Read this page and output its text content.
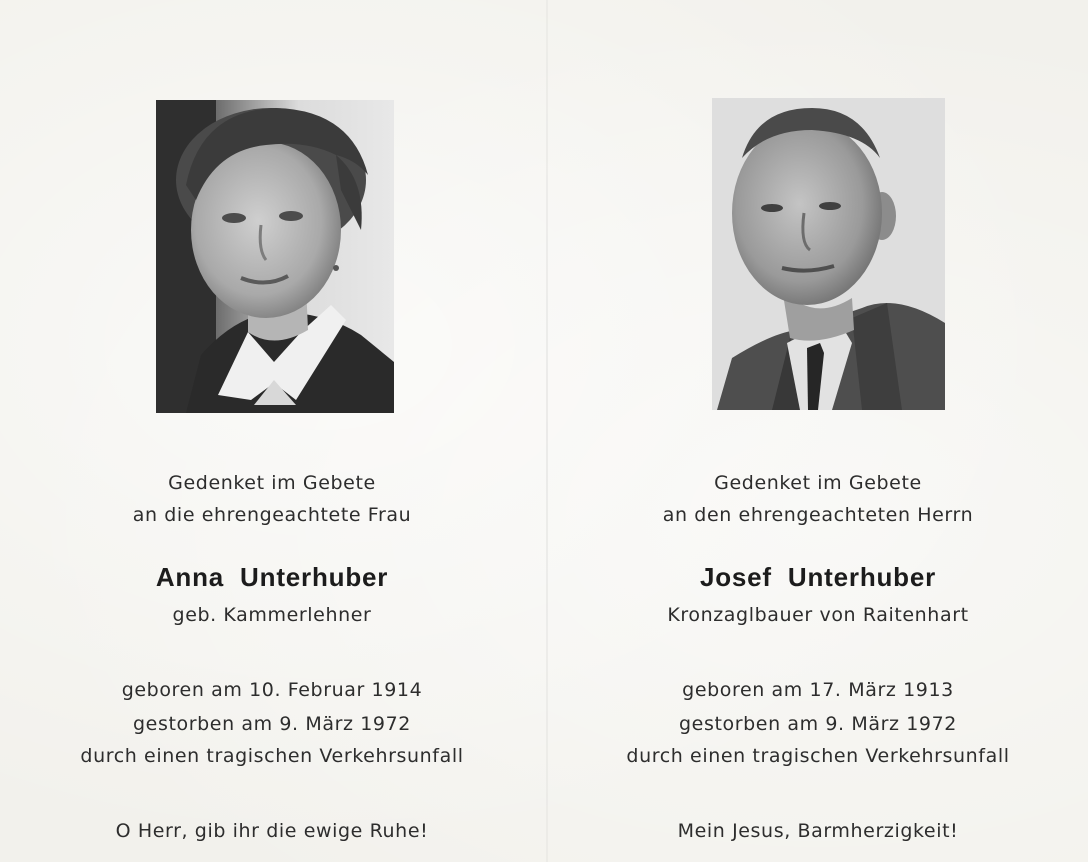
Gedenket im Gebete
an die ehrengeachtete Frau
Anna  Unterhuber
geb. Kammerlehner
geboren am 10. Februar 1914
gestorben am 9. März 1972
durch einen tragischen Verkehrsunfall
O Herr, gib ihr die ewige Ruhe!
Gedenket im Gebete
an den ehrengeachteten Herrn
Josef  Unterhuber
Kronzaglbauer von Raitenhart
geboren am 17. März 1913
gestorben am 9. März 1972
durch einen tragischen Verkehrsunfall
Mein Jesus, Barmherzigkeit!
